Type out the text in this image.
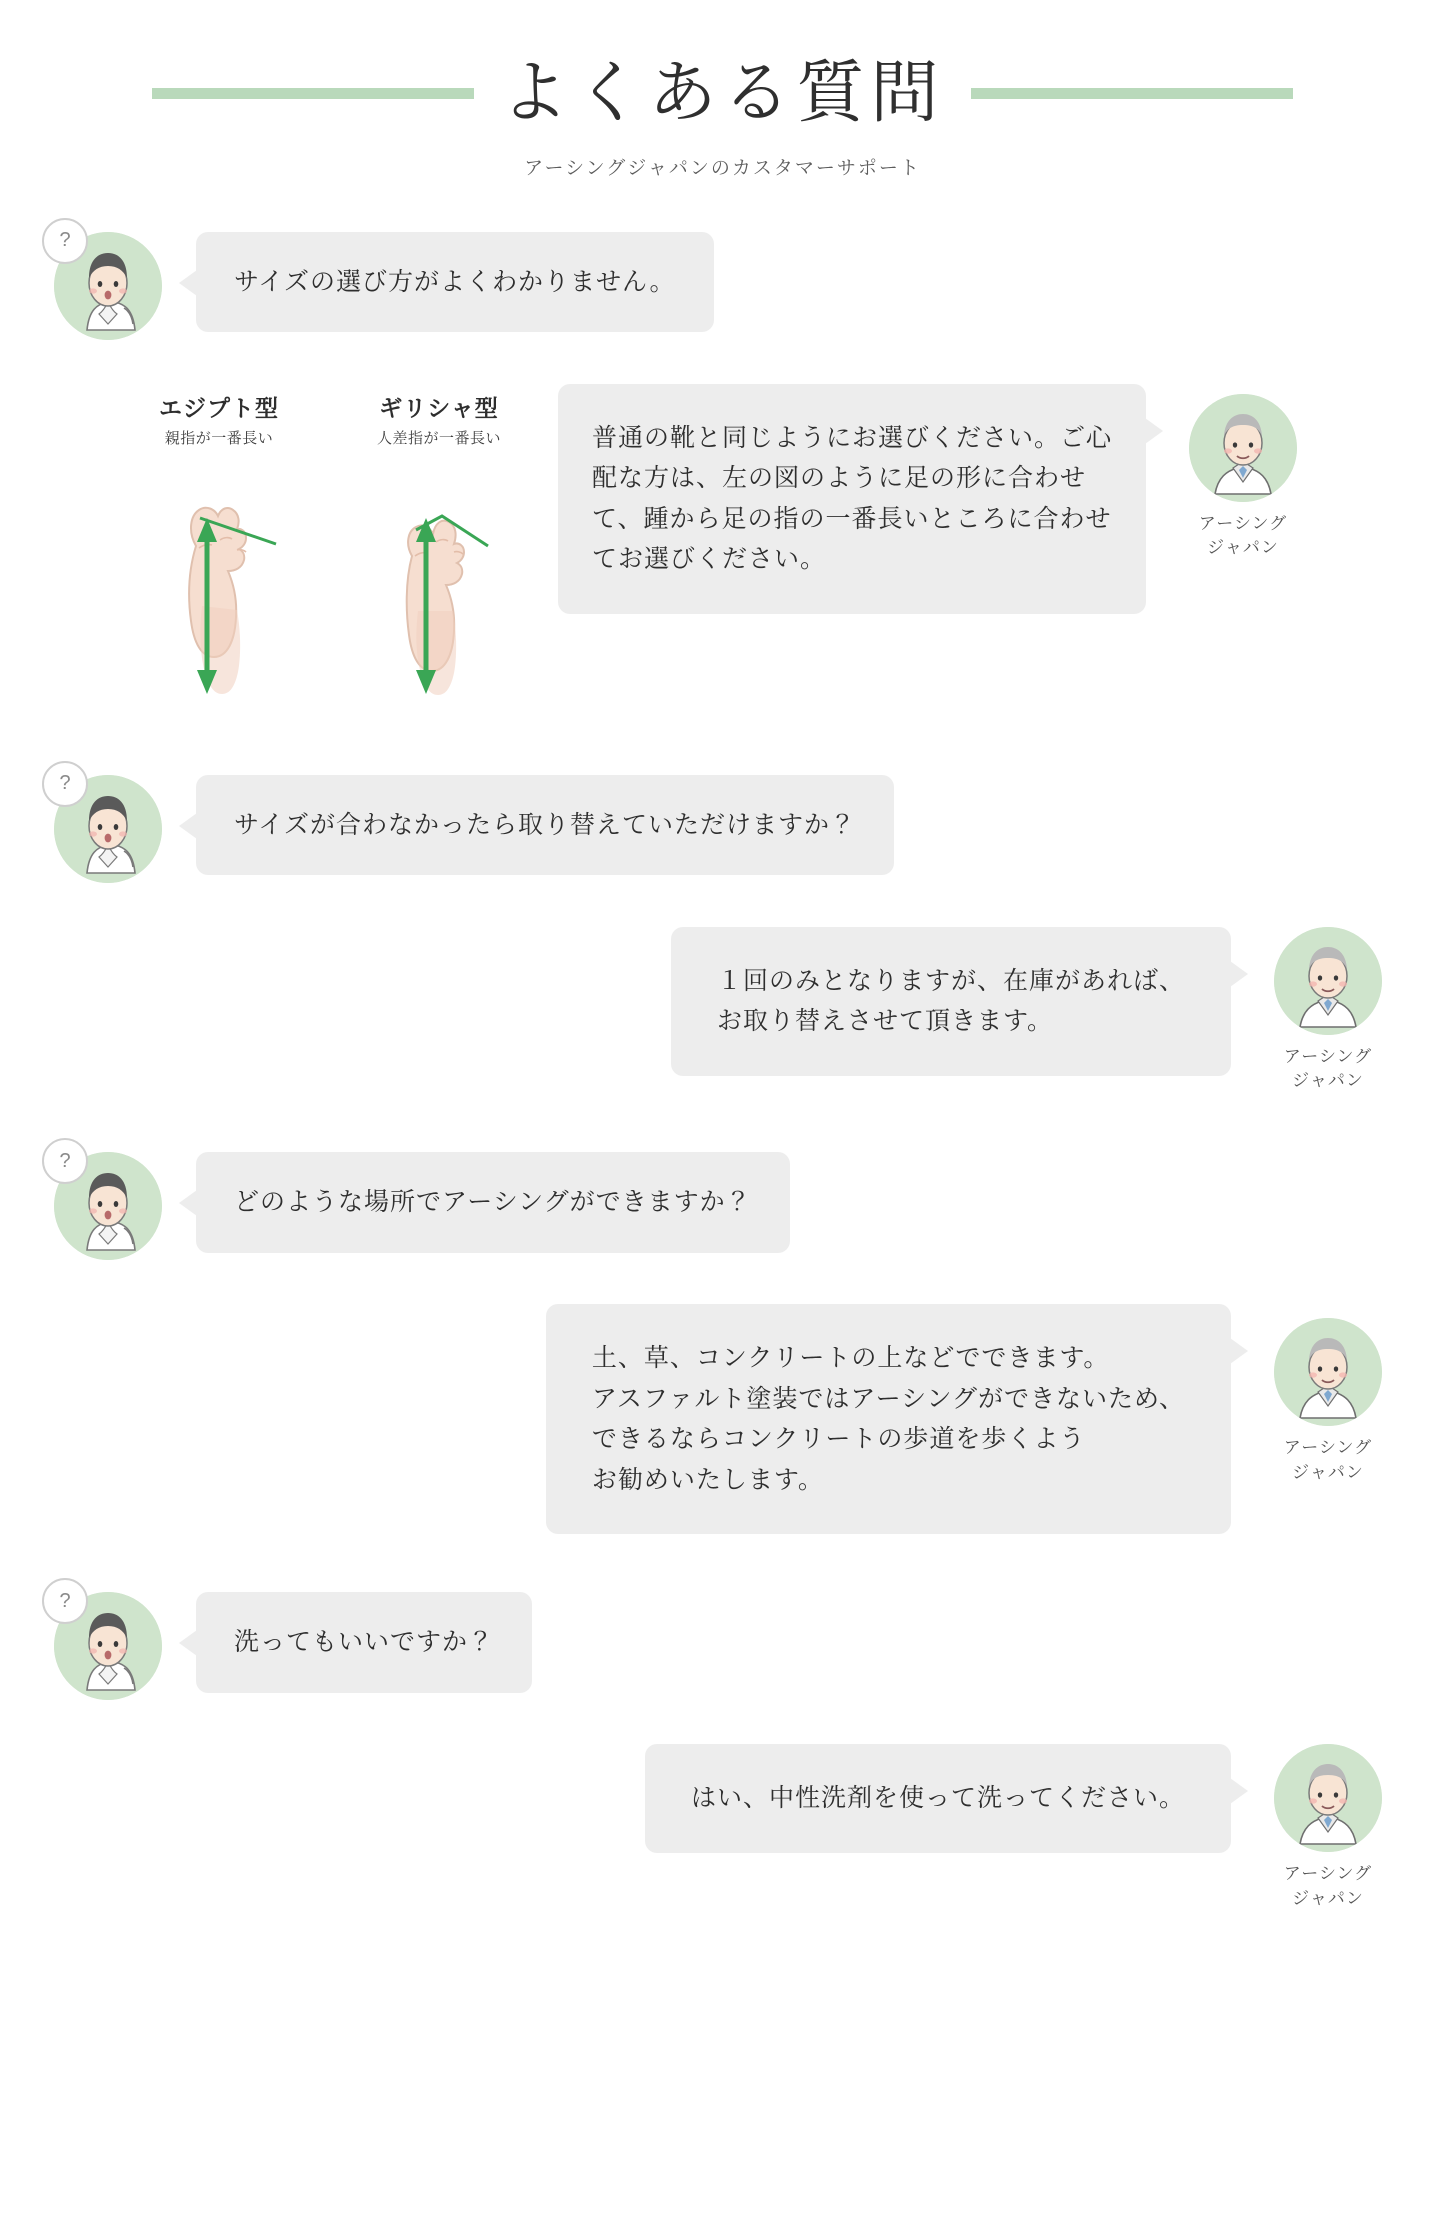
よくある質問
アーシングジャパンのカスタマーサポート
?

サイズの選び方がよくわかりません。

エジプト型
親指が一番長い
ギリシャ型
人差指が一番長い	普通の靴と同じようにお選びください。ご心配な方は、左の図のように足の形に合わせて、踵から足の指の一番長いところに合わせてお選びください。

アーシング
ジャパン
?

サイズが合わなかったら取り替えていただけますか？

１回のみとなりますが、在庫があれば、

お取り替えさせて頂きます。

アーシング
ジャパン
?

どのような場所でアーシングができますか？

土、草、コンクリートの上などでできます。

アスファルト塗装ではアーシングができないため、

できるならコンクリートの歩道を歩くよう

お勧めいたします。

アーシング
ジャパン
?

洗ってもいいですか？

はい、中性洗剤を使って洗ってください。

アーシング
ジャパン
